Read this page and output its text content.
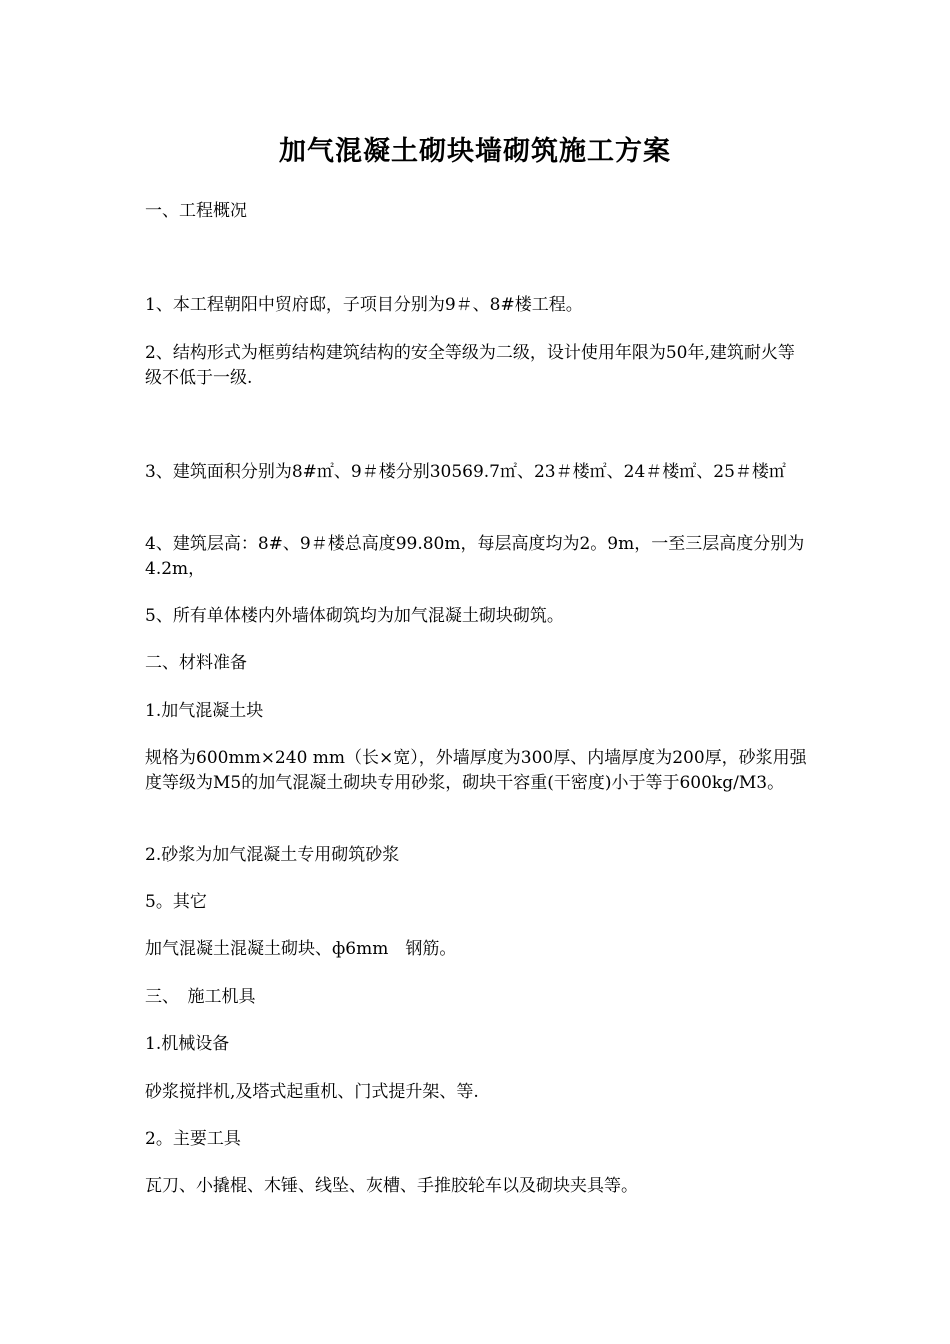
加气混凝土砌块墙砌筑施工方案
一、工程概况
1、本工程朝阳中贸府邸，子项目分别为9＃、8#楼工程。
2、结构形式为框剪结构建筑结构的安全等级为二级，设计使用年限为50年,建筑耐火等级不低于一级.
3、建筑面积分别为8#㎡、9＃楼分别30569.7㎡、23＃楼㎡、24＃楼㎡、25＃楼㎡
4、建筑层高：8#、9＃楼总高度99.80m，每层高度均为2。9m，一至三层高度分别为4.2m，
5、所有单体楼内外墙体砌筑均为加气混凝土砌块砌筑。
二、材料准备
1.加气混凝土块
规格为600mm×240 mm（长×宽），外墙厚度为300厚、内墙厚度为200厚，砂浆用强度等级为M5的加气混凝土砌块专用砂浆，砌块干容重(干密度)小于等于600kg/M3。
2.砂浆为加气混凝土专用砌筑砂浆
5。其它
加气混凝土混凝土砌块、ф6mm　钢筋。
三、　施工机具
1.机械设备
砂浆搅拌机,及塔式起重机、门式提升架、等.
2。主要工具
瓦刀、小撬棍、木锤、线坠、灰槽、手推胶轮车以及砌块夹具等。
